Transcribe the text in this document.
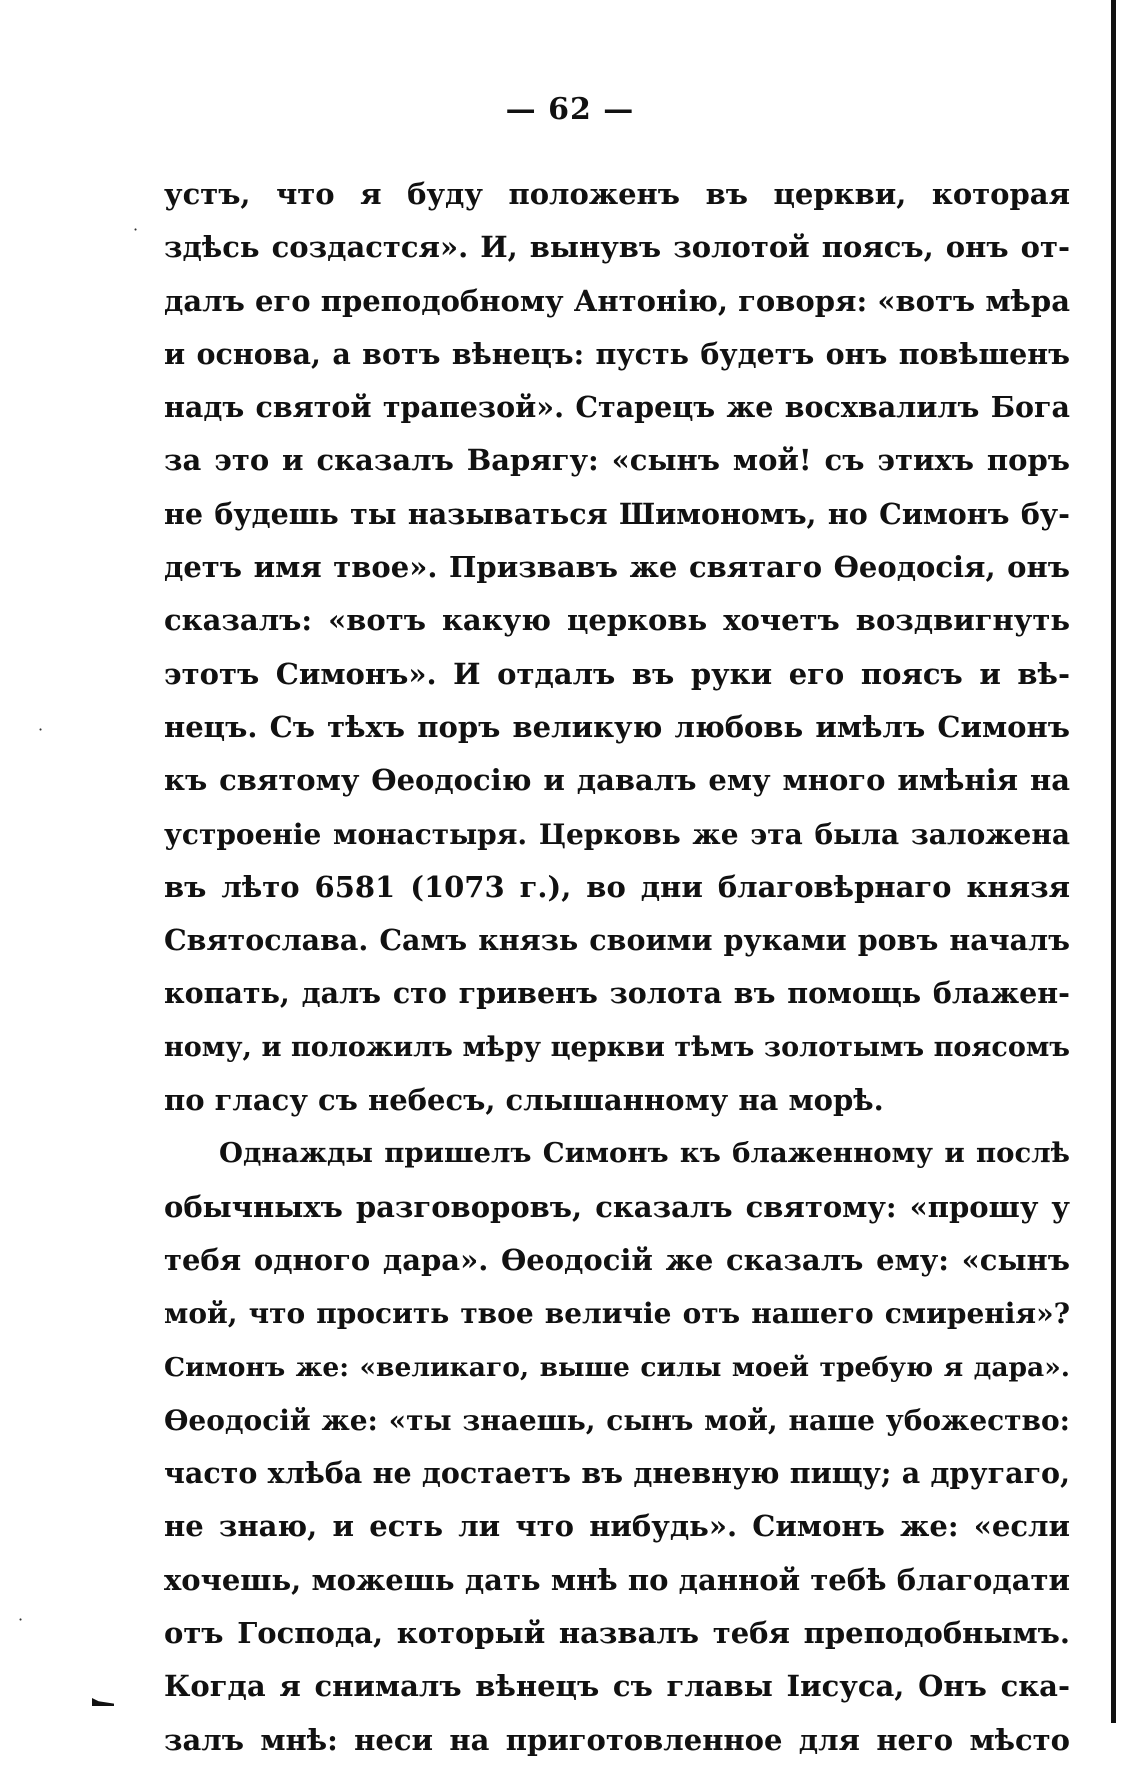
— 62 —
·
·
·
устъ, что я буду положенъ въ церкви, которая
здѣсь создастся». И, вынувъ золотой поясъ, онъ от-
далъ его преподобному Антонію, говоря: «вотъ мѣра
и основа, а вотъ вѣнецъ: пусть будетъ онъ повѣшенъ
надъ святой трапезой». Старецъ же восхвалилъ Бога
за это и сказалъ Варягу: «сынъ мой! съ этихъ поръ
не будешь ты называться Шимономъ, но Симонъ бу-
детъ имя твое». Призвавъ же святаго Өеодосія, онъ
сказалъ: «вотъ какую церковь хочетъ воздвигнуть
этотъ Симонъ». И отдалъ въ руки его поясъ и вѣ-
нецъ. Съ тѣхъ поръ великую любовь имѣлъ Симонъ
къ святому Өеодосію и давалъ ему много имѣнія на
устроеніе монастыря. Церковь же эта была заложена
въ лѣто 6581 (1073 г.), во дни благовѣрнаго князя
Святослава. Самъ князь своими руками ровъ началъ
копать, далъ сто гривенъ золота въ помощь блажен-
ному, и положилъ мѣру церкви тѣмъ золотымъ поясомъ
по гласу съ небесъ, слышанному на морѣ.
Однажды пришелъ Симонъ къ блаженному и послѣ
обычныхъ разговоровъ, сказалъ святому: «прошу у
тебя одного дара». Өеодосій же сказалъ ему: «сынъ
мой, что просить твое величіе отъ нашего смиренія»?
Симонъ же: «великаго, выше силы моей требую я дара».
Өеодосій же: «ты знаешь, сынъ мой, наше убожество:
часто хлѣба не достаетъ въ дневную пищу; а другаго,
не знаю, и есть ли что нибудь». Симонъ же: «если
хочешь, можешь дать мнѣ по данной тебѣ благодати
отъ Господа, который назвалъ тебя преподобнымъ.
Когда я снималъ вѣнецъ съ главы Іисуса, Онъ ска-
залъ мнѣ: неси на приготовленное для него мѣсто
